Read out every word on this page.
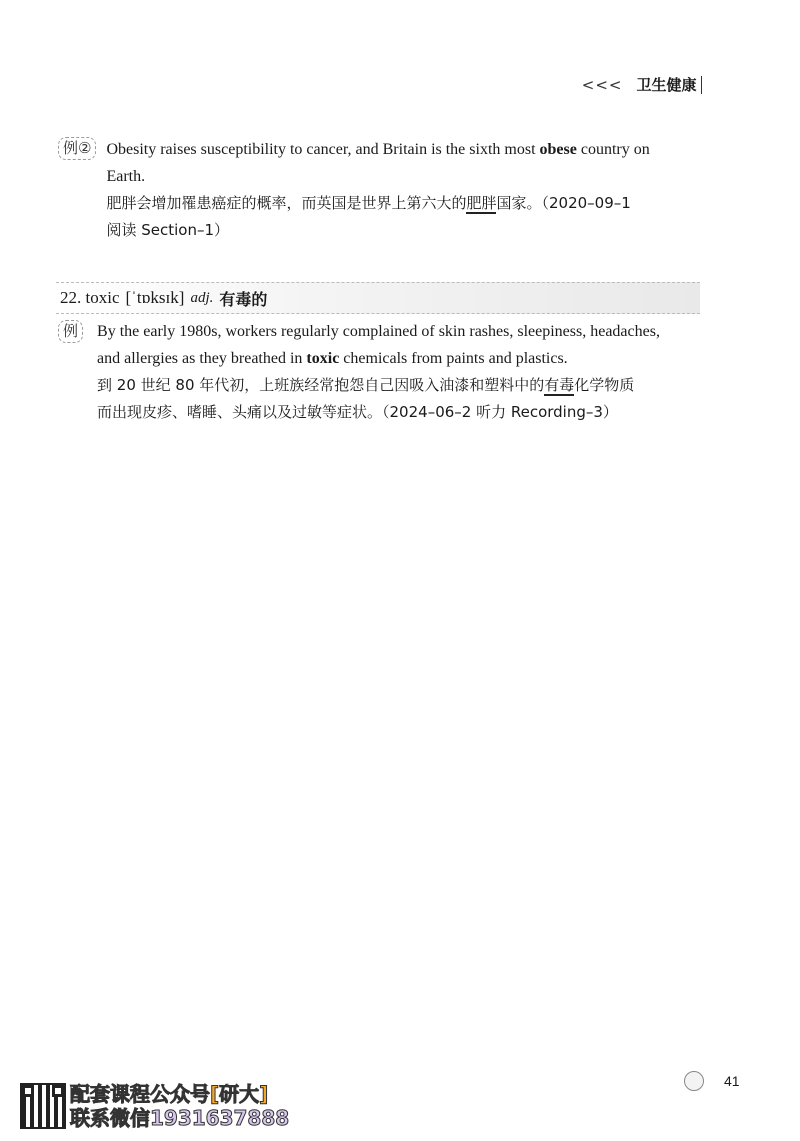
<<< 卫生健康
例② Obesity raises susceptibility to cancer, and Britain is the sixth most obese country on

Earth.

肥胖会增加罹患癌症的概率，而英国是世界上第六大的肥胖国家。（2020–09–1

阅读 Section–1）

22. toxic [ˈtɒksɪk] adj. 有毒的
例	By the early 1980s, workers regularly complained of skin rashes, sleepiness, headaches,

and allergies as they breathed in toxic chemicals from paints and plastics.

到 20 世纪 80 年代初，上班族经常抱怨自己因吸入油漆和塑料中的有毒化学物质

而出现皮疹、嗜睡、头痛以及过敏等症状。（2024–06–2 听力 Recording–3）

41
配套课程公众号[研大]
联系微信1931637888
